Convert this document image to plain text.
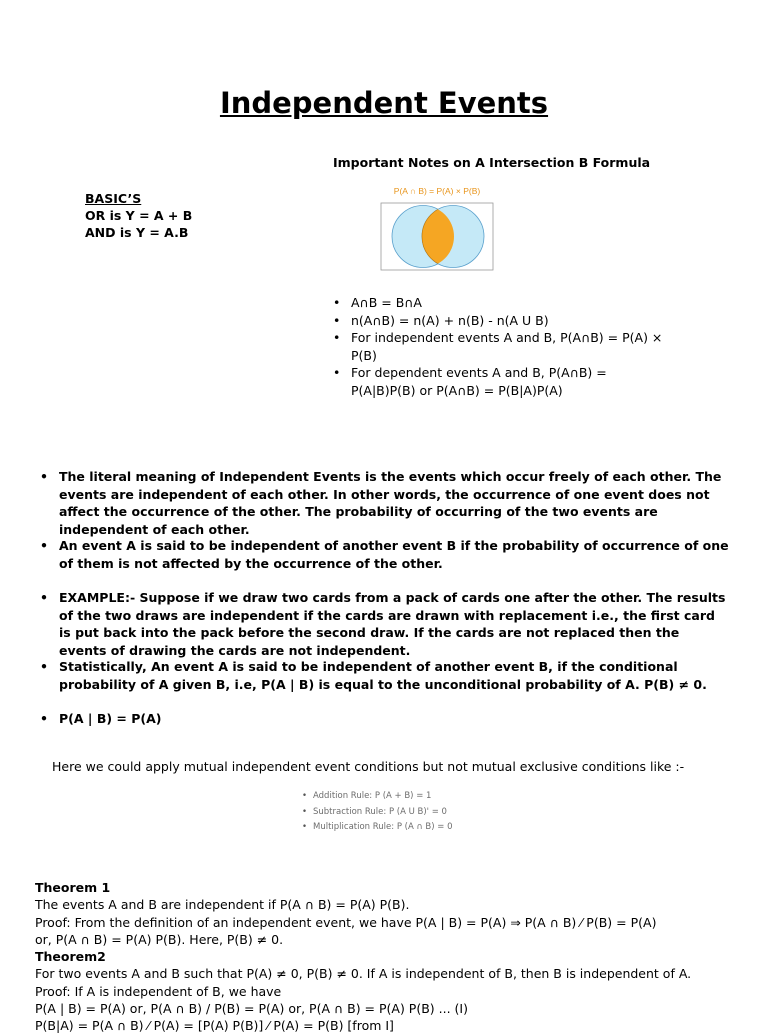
Independent Events
Important Notes on A Intersection B Formula
BASIC’S
OR is Y = A + B
AND is Y = A.B
P(A ∩ B) = P(A) × P(B)
• A∩B = B∩A
• n(A∩B) = n(A) + n(B) - n(A U B)
• For independent events A and B, P(A∩B) = P(A) × P(B)
• For dependent events A and B, P(A∩B) = P(A|B)P(B) or P(A∩B) = P(B|A)P(A)
• The literal meaning of Independent Events is the events which occur freely of each other. The events are independent of each other. In other words, the occurrence of one event does not affect the occurrence of the other. The probability of occurring of the two events are independent of each other.
• An event A is said to be independent of another event B if the probability of occurrence of one of them is not affected by the occurrence of the other.
• EXAMPLE:- Suppose if we draw two cards from a pack of cards one after the other. The results of the two draws are independent if the cards are drawn with replacement i.e., the first card is put back into the pack before the second draw. If the cards are not replaced then the events of drawing the cards are not independent.
• Statistically, An event A is said to be independent of another event B, if the conditional probability of A given B, i.e, P(A | B) is equal to the unconditional probability of A. P(B) ≠ 0.
• P(A | B) = P(A)
Here we could apply mutual independent event conditions but not mutual exclusive conditions like :-
• Addition Rule: P (A + B) = 1
• Subtraction Rule: P (A U B)' = 0
• Multiplication Rule: P (A ∩ B) = 0
Theorem 1
The events A and B are independent if P(A ∩ B) = P(A) P(B).
Proof: From the definition of an independent event, we have P(A | B) = P(A) ⇒ P(A ∩ B) ⁄ P(B) = P(A)
or, P(A ∩ B) = P(A) P(B). Here, P(B) ≠ 0.
Theorem2
For two events A and B such that P(A) ≠ 0, P(B) ≠ 0. If A is independent of B, then B is independent of A.
Proof: If A is independent of B, we have
P(A | B) = P(A) or, P(A ∩ B) / P(B) = P(A) or, P(A ∩ B) = P(A) P(B) ... (I)
P(B|A) = P(A ∩ B) ⁄ P(A) = [P(A) P(B)] ⁄ P(A) = P(B) [from I]
